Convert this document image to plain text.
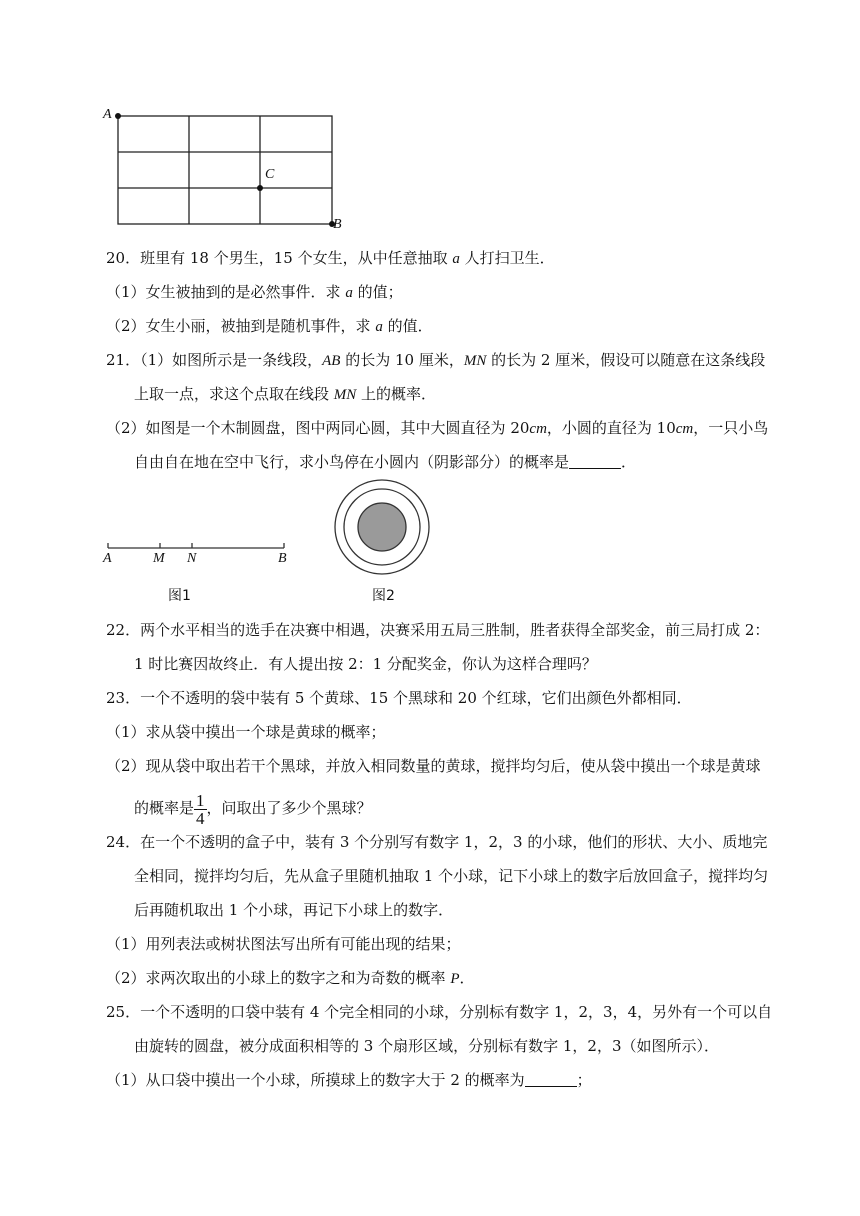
A
C
B
20．班里有 18 个男生，15 个女生，从中任意抽取 a 人打扫卫生．
（1）女生被抽到的是必然事件．求 a 的值；
（2）女生小丽，被抽到是随机事件，求 a 的值．
21．（1）如图所示是一条线段，AB 的长为 10 厘米，MN 的长为 2 厘米，假设可以随意在这条线段
上取一点，求这个点取在线段 MN 上的概率．
（2）如图是一个木制圆盘，图中两同心圆，其中大圆直径为 20cm，小圆的直径为 10cm，一只小鸟
自由自在地在空中飞行，求小鸟停在小圆内（阴影部分）的概率是	．
A	M N	B
图1	图2
22．两个水平相当的选手在决赛中相遇，决赛采用五局三胜制，胜者获得全部奖金，前三局打成 2：
1 时比赛因故终止．有人提出按 2：1 分配奖金，你认为这样合理吗？
23．一个不透明的袋中装有 5 个黄球、15 个黑球和 20 个红球，它们出颜色外都相同．
（1）求从袋中摸出一个球是黄球的概率；
（2）现从袋中取出若干个黑球，并放入相同数量的黄球，搅拌均匀后，使从袋中摸出一个球是黄球
的概率是 $\frac{1}{4}$ ，问取出了多少个黑球？
24．在一个不透明的盒子中，装有 3 个分别写有数字 1，2，3 的小球，他们的形状、大小、质地完
全相同，搅拌均匀后，先从盒子里随机抽取 1 个小球，记下小球上的数字后放回盒子，搅拌均匀
后再随机取出 1 个小球，再记下小球上的数字．
（1）用列表法或树状图法写出所有可能出现的结果；
（2）求两次取出的小球上的数字之和为奇数的概率 P．
25．一个不透明的口袋中装有 4 个完全相同的小球，分别标有数字 1，2，3，4，另外有一个可以自
由旋转的圆盘，被分成面积相等的 3 个扇形区域，分别标有数字 1，2，3（如图所示）．
（1）从口袋中摸出一个小球，所摸球上的数字大于 2 的概率为	；
